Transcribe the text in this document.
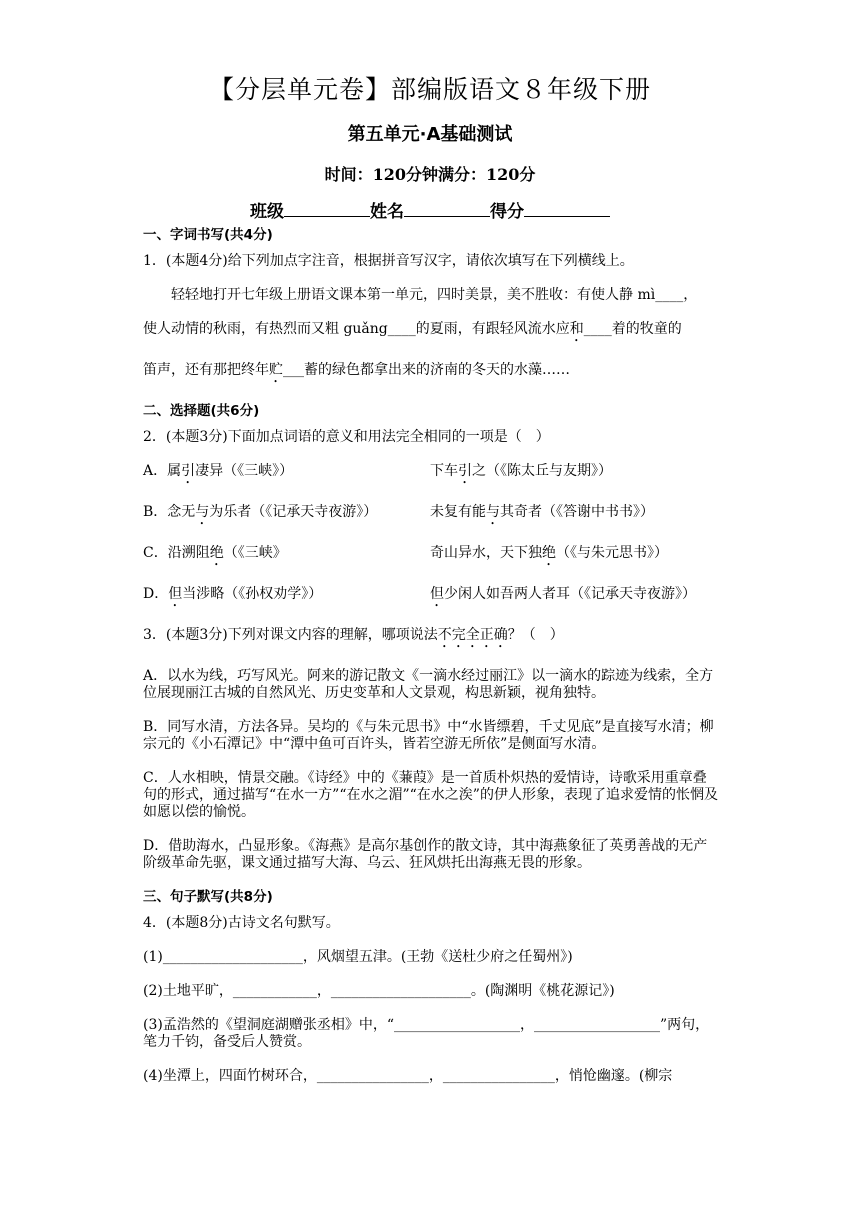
【分层单元卷】部编版语文８年级下册
第五单元·A基础测试
时间：120分钟满分：120分
班级	姓名	得分
一、字词书写(共4分)
1．(本题4分)给下列加点字注音，根据拼音写汉字，请依次填写在下列横线上。
轻轻地打开七年级上册语文课本第一单元，四时美景，美不胜收：有使人静 mì____，
使人动情的秋雨，有热烈而又粗 guǎng____的夏雨，有跟轻风流水应和____着的牧童的
笛声，还有那把终年贮___蓄的绿色都拿出来的济南的冬天的水藻……
二、选择题(共6分)
2．(本题3分)下面加点词语的意义和用法完全相同的一项是（　）
A．属引凄异（《三峡》）	下车引之（《陈太丘与友期》）
B．念无与为乐者（《记承天寺夜游》）	未复有能与其奇者（《答谢中书书》）
C．沿溯阻绝（《三峡》	奇山异水，天下独绝（《与朱元思书》）
D．但当涉略（《孙权劝学》）	但少闲人如吾两人者耳（《记承天寺夜游》）
3．(本题3分)下列对课文内容的理解，哪项说法不完全正确？（　）
A．以水为线，巧写风光。阿来的游记散文《一滴水经过丽江》以一滴水的踪迹为线索，全方位展现丽江古城的自然风光、历史变革和人文景观，构思新颖，视角独特。
B．同写水清，方法各异。吴均的《与朱元思书》中“水皆缥碧，千丈见底”是直接写水清；柳宗元的《小石潭记》中“潭中鱼可百许头，皆若空游无所依”是侧面写水清。
C．人水相映，情景交融。《诗经》中的《蒹葭》是一首质朴炽热的爱情诗，诗歌采用重章叠句的形式，通过描写“在水一方”“在水之湄”“在水之涘”的伊人形象，表现了追求爱情的怅惘及如愿以偿的愉悦。
D．借助海水，凸显形象。《海燕》是高尔基创作的散文诗，其中海燕象征了英勇善战的无产阶级革命先驱，课文通过描写大海、乌云、狂风烘托出海燕无畏的形象。
三、句子默写(共8分)
4．(本题8分)古诗文名句默写。
(1)____________________，风烟望五津。(王勃《送杜少府之任蜀州》)
(2)土地平旷，____________，____________________。(陶渊明《桃花源记》)
(3)孟浩然的《望洞庭湖赠张丞相》中，“__________________，__________________”两句，笔力千钧，备受后人赞赏。
(4)坐潭上，四面竹树环合，________________，________________，悄怆幽邃。(柳宗
